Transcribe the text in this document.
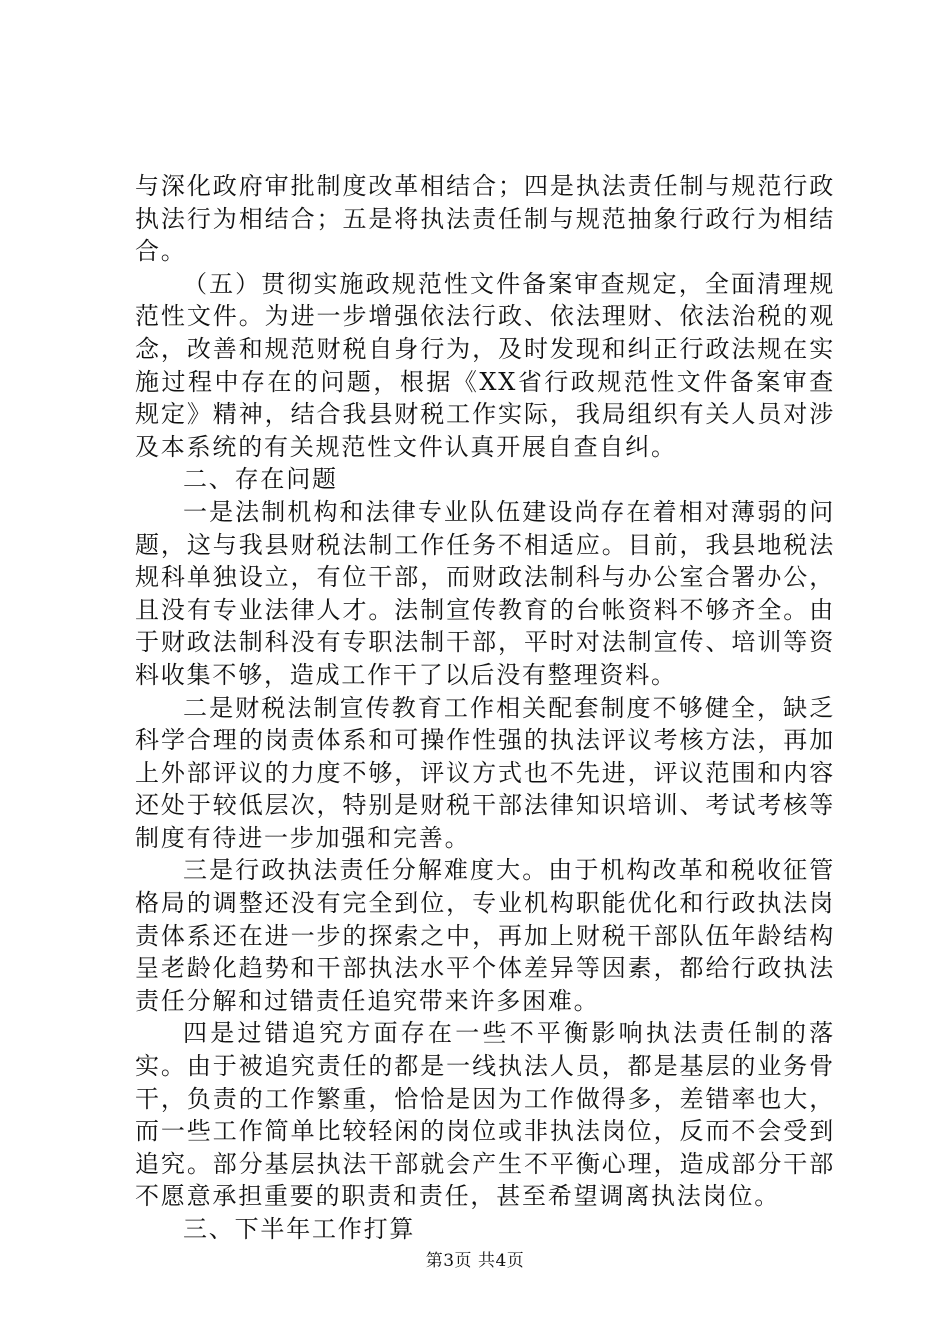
与深化政府审批制度改革相结合；四是执法责任制与规范行政执法行为相结合；五是将执法责任制与规范抽象行政行为相结合。

（五）贯彻实施政规范性文件备案审查规定，全面清理规范性文件。为进一步增强依法行政、依法理财、依法治税的观念，改善和规范财税自身行为，及时发现和纠正行政法规在实施过程中存在的问题，根据《XX省行政规范性文件备案审查规定》精神，结合我县财税工作实际，我局组织有关人员对涉及本系统的有关规范性文件认真开展自查自纠。

二、存在问题

一是法制机构和法律专业队伍建设尚存在着相对薄弱的问题，这与我县财税法制工作任务不相适应。目前，我县地税法规科单独设立，有位干部，而财政法制科与办公室合署办公，且没有专业法律人才。法制宣传教育的台帐资料不够齐全。由于财政法制科没有专职法制干部，平时对法制宣传、培训等资料收集不够，造成工作干了以后没有整理资料。

二是财税法制宣传教育工作相关配套制度不够健全，缺乏科学合理的岗责体系和可操作性强的执法评议考核方法，再加上外部评议的力度不够，评议方式也不先进，评议范围和内容还处于较低层次，特别是财税干部法律知识培训、考试考核等制度有待进一步加强和完善。

三是行政执法责任分解难度大。由于机构改革和税收征管格局的调整还没有完全到位，专业机构职能优化和行政执法岗责体系还在进一步的探索之中，再加上财税干部队伍年龄结构呈老龄化趋势和干部执法水平个体差异等因素，都给行政执法责任分解和过错责任追究带来许多困难。

四是过错追究方面存在一些不平衡影响执法责任制的落实。由于被追究责任的都是一线执法人员，都是基层的业务骨干，负责的工作繁重，恰恰是因为工作做得多，差错率也大，而一些工作简单比较轻闲的岗位或非执法岗位，反而不会受到追究。部分基层执法干部就会产生不平衡心理，造成部分干部不愿意承担重要的职责和责任，甚至希望调离执法岗位。

三、下半年工作打算

第3页 共4页
